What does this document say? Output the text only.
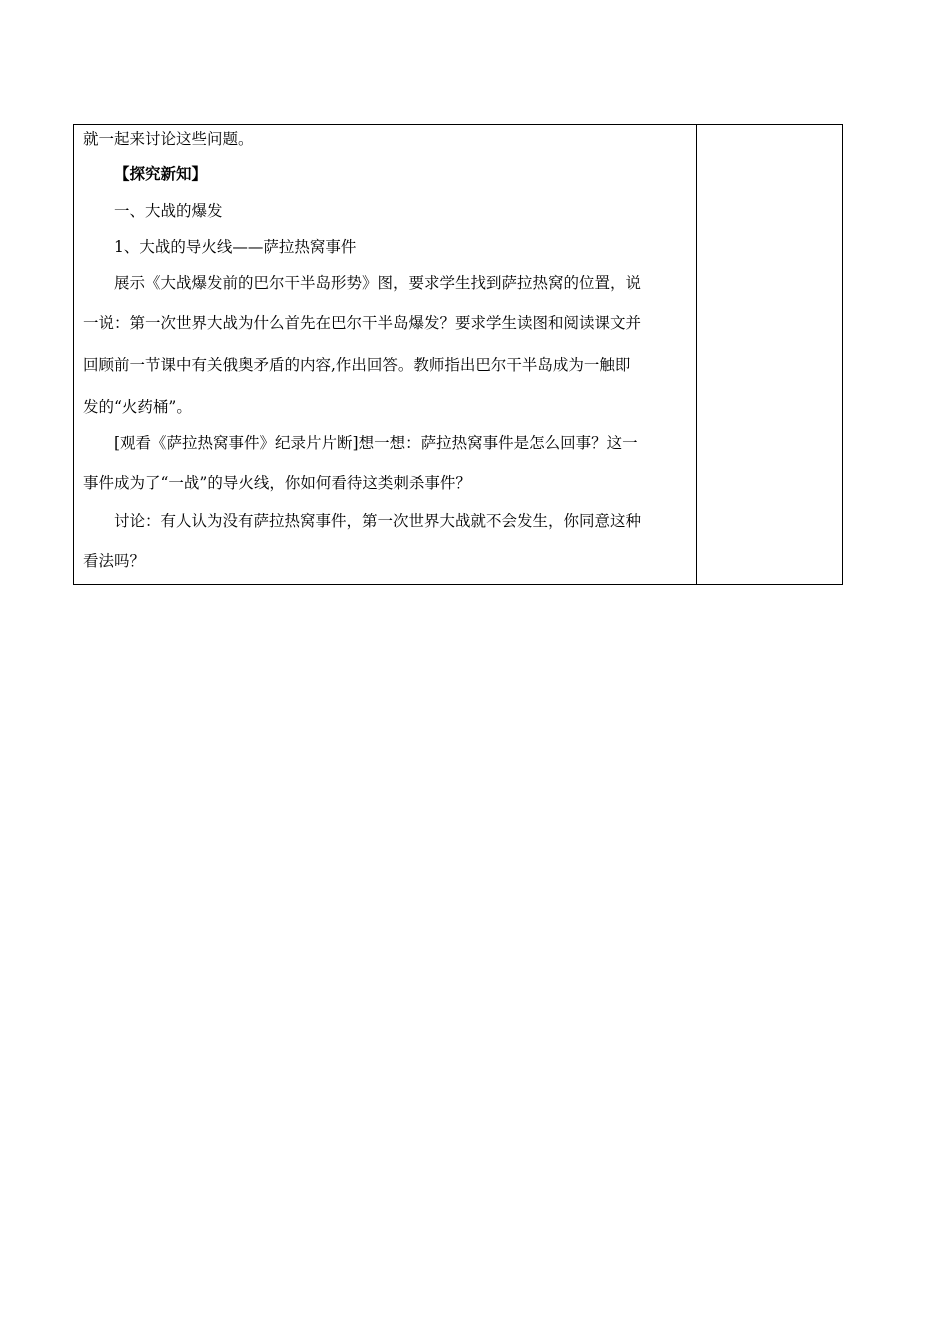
就一起来讨论这些问题。
【探究新知】
一、大战的爆发
1、大战的导火线——萨拉热窝事件
展示《大战爆发前的巴尔干半岛形势》图，要求学生找到萨拉热窝的位置，说
一说：第一次世界大战为什么首先在巴尔干半岛爆发？要求学生读图和阅读课文并
回顾前一节课中有关俄奥矛盾的内容,作出回答。教师指出巴尔干半岛成为一触即
发的“火药桶”。
[观看《萨拉热窝事件》纪录片片断]想一想：萨拉热窝事件是怎么回事？这一
事件成为了“一战”的导火线，你如何看待这类刺杀事件？
讨论：有人认为没有萨拉热窝事件，第一次世界大战就不会发生，你同意这种
看法吗？
